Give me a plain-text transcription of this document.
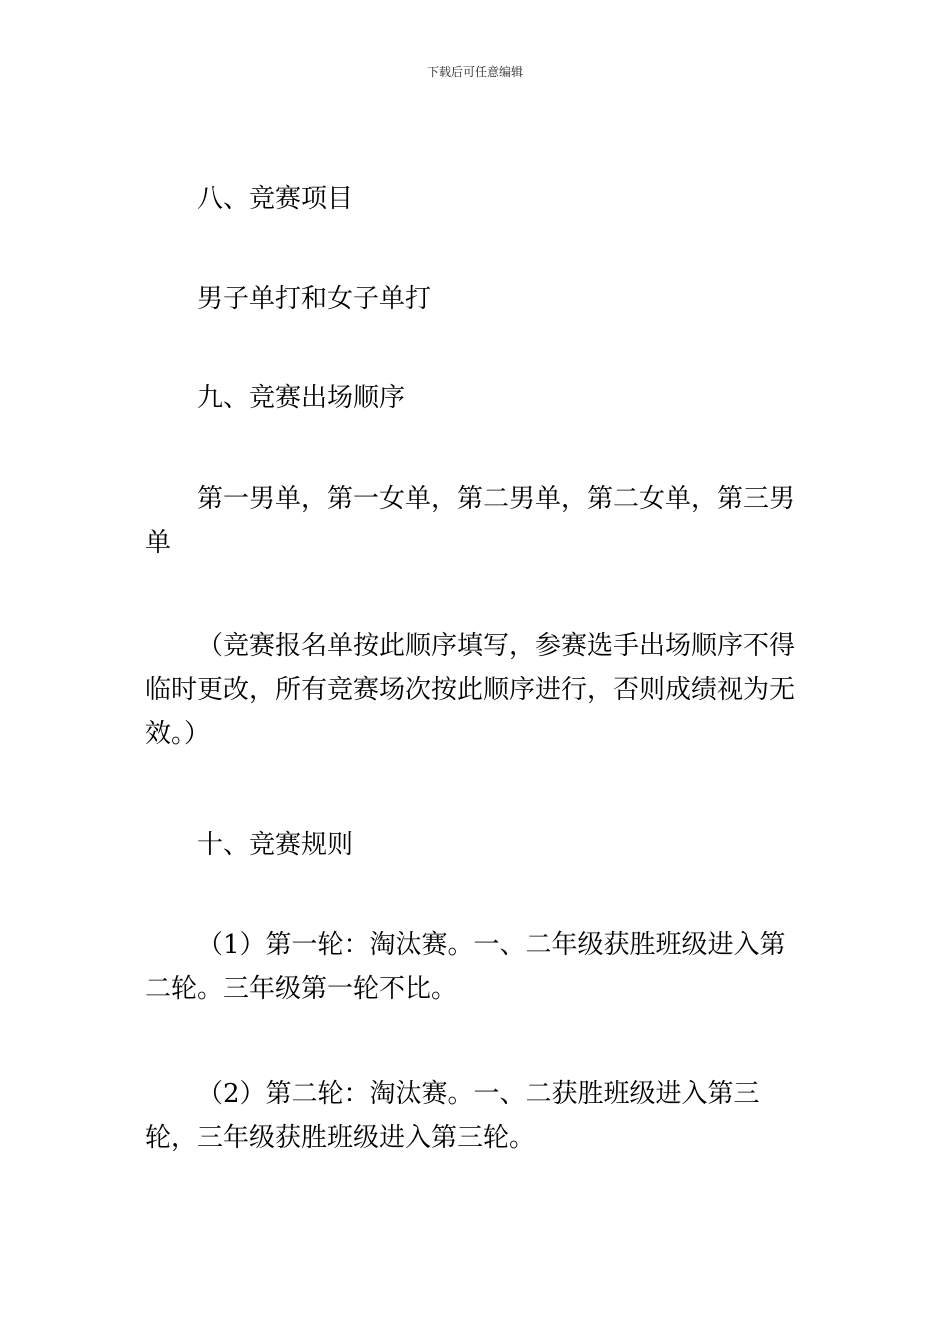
下载后可任意编辑

八、竞赛项目

男子单打和女子单打

九、竞赛出场顺序

第一男单，第一女单，第二男单，第二女单，第三男单

（竞赛报名单按此顺序填写，参赛选手出场顺序不得临时更改，所有竞赛场次按此顺序进行，否则成绩视为无效。）

十、竞赛规则

（1）第一轮：淘汰赛。一、二年级获胜班级进入第二轮。三年级第一轮不比。

（2）第二轮：淘汰赛。一、二获胜班级进入第三轮，三年级获胜班级进入第三轮。
